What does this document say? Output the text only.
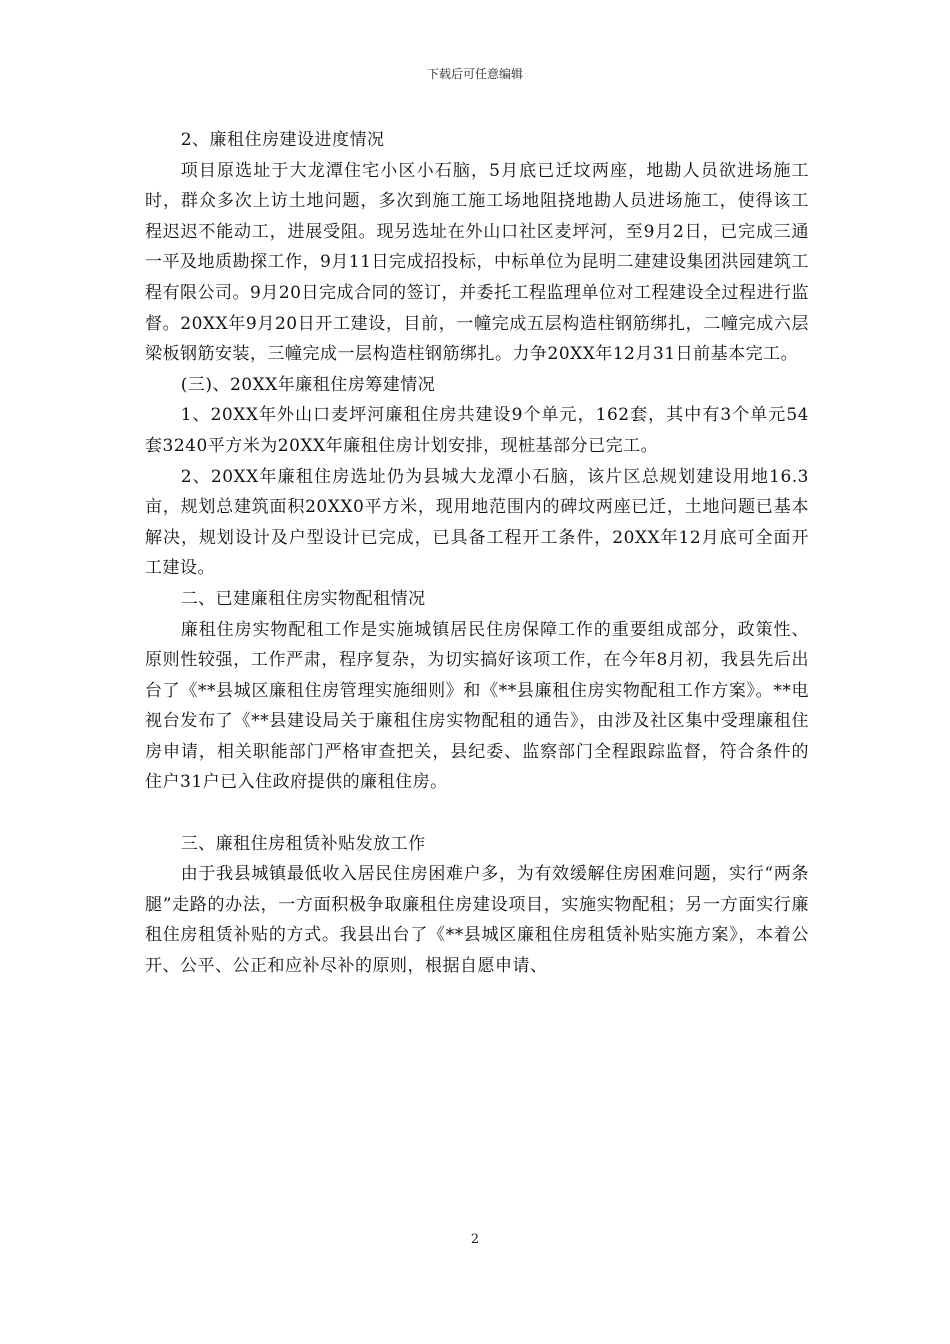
下载后可任意编辑

2、廉租住房建设进度情况

项目原选址于大龙潭住宅小区小石脑，5月底已迁坟两座，地勘人员欲进场施工时，群众多次上访土地问题，多次到施工施工场地阻挠地勘人员进场施工，使得该工程迟迟不能动工，进展受阻。现另选址在外山口社区麦坪河，至9月2日，已完成三通一平及地质勘探工作，9月11日完成招投标，中标单位为昆明二建建设集团洪园建筑工程有限公司。9月20日完成合同的签订，并委托工程监理单位对工程建设全过程进行监督。20XX年9月20日开工建设，目前，一幢完成五层构造柱钢筋绑扎，二幢完成六层梁板钢筋安装，三幢完成一层构造柱钢筋绑扎。力争20XX年12月31日前基本完工。

(三)、20XX年廉租住房筹建情况

1、20XX年外山口麦坪河廉租住房共建设9个单元，162套，其中有3个单元54套3240平方米为20XX年廉租住房计划安排，现桩基部分已完工。

2、20XX年廉租住房选址仍为县城大龙潭小石脑，该片区总规划建设用地16.3亩，规划总建筑面积20XX0平方米，现用地范围内的碑坟两座已迁，土地问题已基本解决，规划设计及户型设计已完成，已具备工程开工条件，20XX年12月底可全面开工建设。

二、已建廉租住房实物配租情况

廉租住房实物配租工作是实施城镇居民住房保障工作的重要组成部分，政策性、原则性较强，工作严肃，程序复杂，为切实搞好该项工作，在今年8月初，我县先后出台了《**县城区廉租住房管理实施细则》和《**县廉租住房实物配租工作方案》。**电视台发布了《**县建设局关于廉租住房实物配租的通告》，由涉及社区集中受理廉租住房申请，相关职能部门严格审查把关，县纪委、监察部门全程跟踪监督，符合条件的住户31户已入住政府提供的廉租住房。

三、廉租住房租赁补贴发放工作

由于我县城镇最低收入居民住房困难户多，为有效缓解住房困难问题，实行“两条腿”走路的办法，一方面积极争取廉租住房建设项目，实施实物配租；另一方面实行廉租住房租赁补贴的方式。我县出台了《**县城区廉租住房租赁补贴实施方案》，本着公开、公平、公正和应补尽补的原则，根据自愿申请、

2
